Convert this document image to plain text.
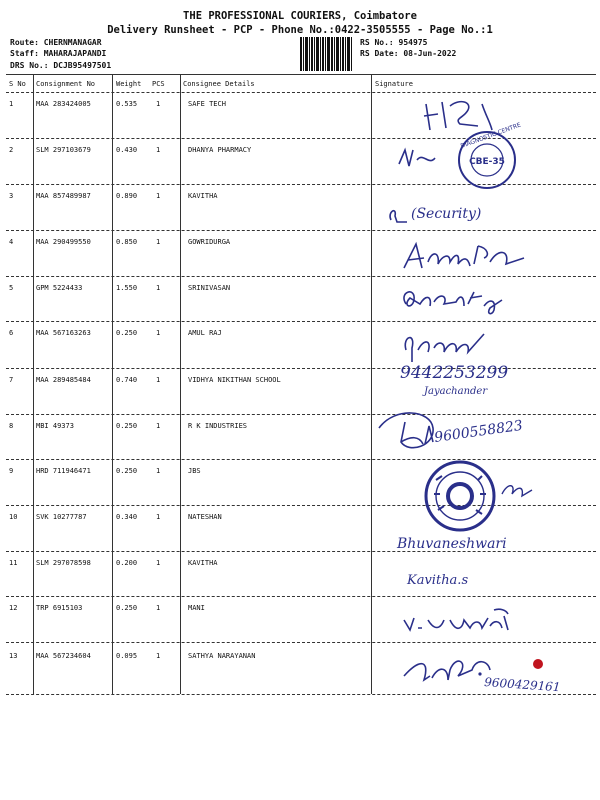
THE PROFESSIONAL COURIERS, Coimbatore
Delivery Runsheet - PCP - Phone No.:0422-3505555 - Page No.:1
Route: CHERNMANAGAR
Staff: MAHARAJAPANDI
DRS No.: DCJB95497501
RS No.: 954975
RS Date: 08-Jun-2022
S No Consignment No	Weight PCS	Consignee Details	Signature
1	MAA 283424005	0.535	1	SAFE TECH
2	SLM 297103679	0.430	1	DHANYA PHARMACY
3	MAA 857489987	0.890	1	KAVITHA
4	MAA 290499550	0.850	1	GOWRIDURGA
5	GPM 5224433	1.550	1	SRINIVASAN
6	MAA 567163263	0.250	1	AMUL RAJ
7	MAA 289485484	0.740	1	VIDHYA NIKITHAN SCHOOL
8	MBI 49373	0.250	1	R K INDUSTRIES
9	HRD 711946471	0.250	1	JBS
10	SVK 10277787	0.340	1	NATESHAN
11	SLM 297078598	0.200	1	KAVITHA
12	TRP 6915103	0.250	1	MANI
13	MAA 567234604	0.095	1	SATHYA NARAYANAN
CBE-35
DIAGNOSTIC CENTRE
(Security)
9442253299
Jayachander
9600558823
Bhuvaneshwari
Kavitha.s
9600429161
